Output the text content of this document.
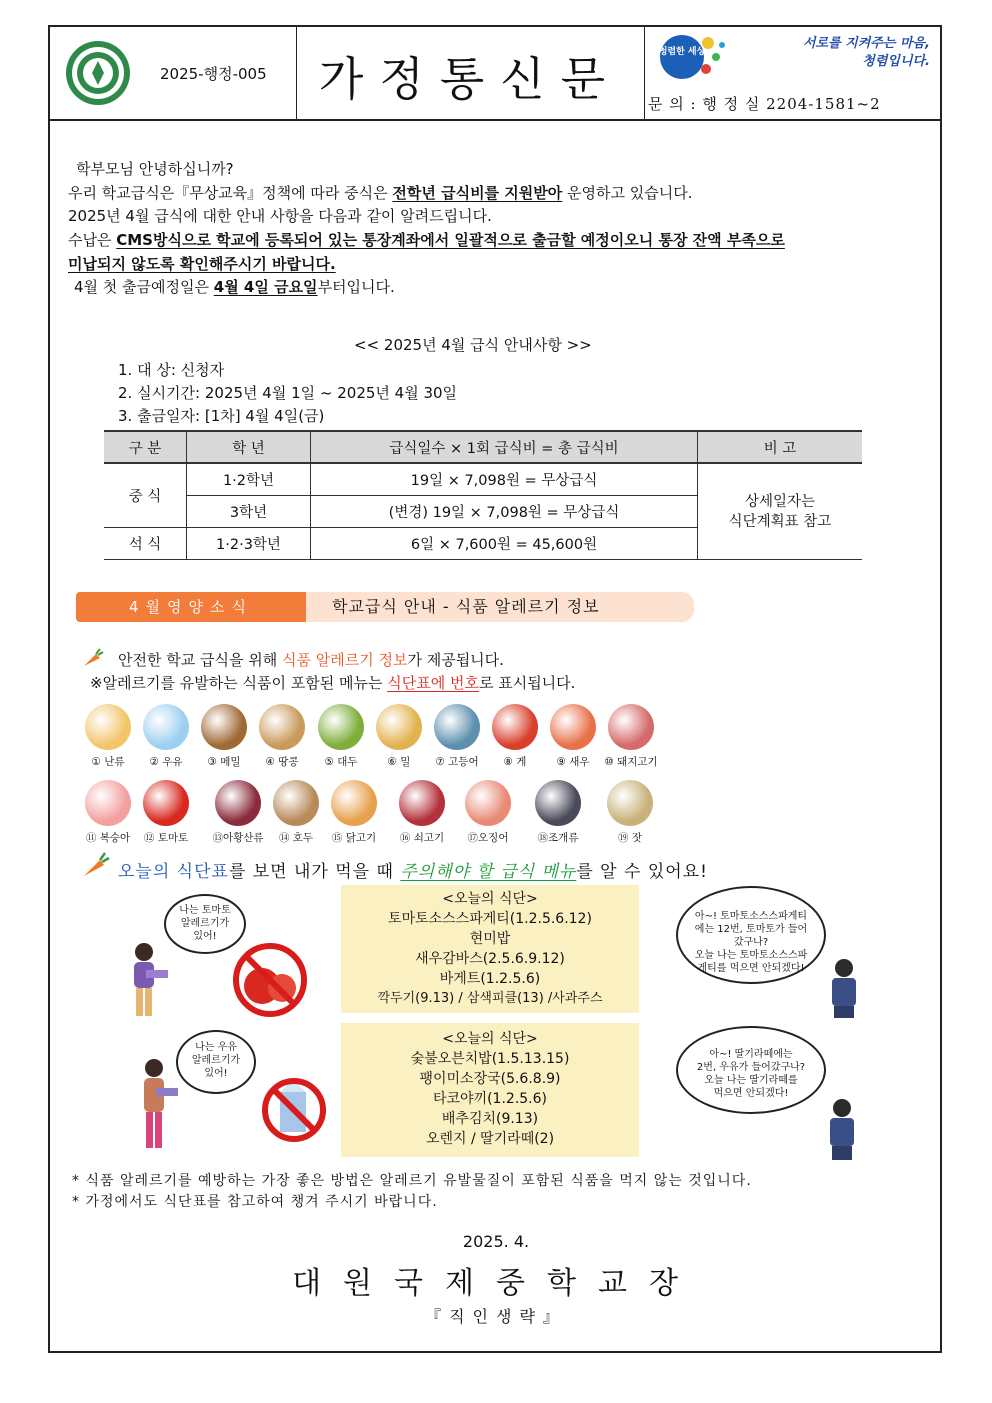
2025-행정-005	가정통신문	청렴한 세상
서로를 지켜주는 마음,
청렴입니다.
문 의 : 행 정 실 2204-1581~2
학부모님 안녕하십니까?
우리 학교급식은『무상교육』정책에 따라 중식은 전학년 급식비를 지원받아 운영하고 있습니다.
2025년 4월 급식에 대한 안내 사항을 다음과 같이 알려드립니다.
수납은 CMS방식으로 학교에 등록되어 있는 통장계좌에서 일괄적으로 출금할 예정이오니 통장 잔액 부족으로
미납되지 않도록 확인해주시기 바랍니다.
4월 첫 출금예정일은 4월 4일 금요일부터입니다.
<< 2025년 4월 급식 안내사항 >>
1. 대 상: 신청자
2. 실시기간: 2025년 4월 1일 ~ 2025년 4월 30일
3. 출금일자: [1차] 4월 4일(금)
구 분	학 년	급식일수 × 1회 급식비 = 총 급식비	비 고
중 식	1·2학년	19일 × 7,098원 = 무상급식	상세일자는
식단계획표 참고
	3학년	(변경) 19일 × 7,098원 = 무상급식	
석 식	1·2·3학년	6일 × 7,600원 = 45,600원	
4월영양소식	학교급식 안내 - 식품 알레르기 정보
안전한 학교 급식을 위해 식품 알레르기 정보가 제공됩니다.
※알레르기를 유발하는 식품이 포함된 메뉴는 식단표에 번호로 표시됩니다.
① 난류	② 우유	③ 메밀	④ 땅콩	⑤ 대두	⑥ 밀	⑦ 고등어	⑧ 게	⑨ 새우	⑩ 돼지고기
⑪ 복숭아	⑫ 토마토	⑬아황산류	⑭ 호두	⑮ 닭고기	⑯ 쇠고기	⑰오징어	⑱조개류	⑲ 잣
오늘의 식단표를 보면 내가 먹을 때 주의해야 할 급식 메뉴를 알 수 있어요!
나는 토마토
알레르기가
있어!
<오늘의 식단>
토마토소스스파게티(1.2.5.6.12)
현미밥
새우감바스(2.5.6.9.12)
바게트(1.2.5.6)
깍두기(9.13) / 삼색피클(13) /사과주스
아~! 토마토소스스파게티
에는 12번, 토마토가 들어
갔구나?
오늘 나는 토마토소스스파
게티를 먹으면 안되겠다!
나는 우유
알레르기가
있어!
<오늘의 식단>
숯불오븐치밥(1.5.13.15)
팽이미소장국(5.6.8.9)
타코야끼(1.2.5.6)
배추김치(9.13)
오렌지 / 딸기라떼(2)
아~! 딸기라떼에는
2번, 우유가 들어갔구나?
오늘 나는 딸기라떼를
먹으면 안되겠다!
* 식품 알레르기를 예방하는 가장 좋은 방법은 알레르기 유발물질이 포함된 식품을 먹지 않는 것입니다.
* 가정에서도 식단표를 참고하여 챙겨 주시기 바랍니다.
2025. 4.
대원국제중학교장
『직인생략』
